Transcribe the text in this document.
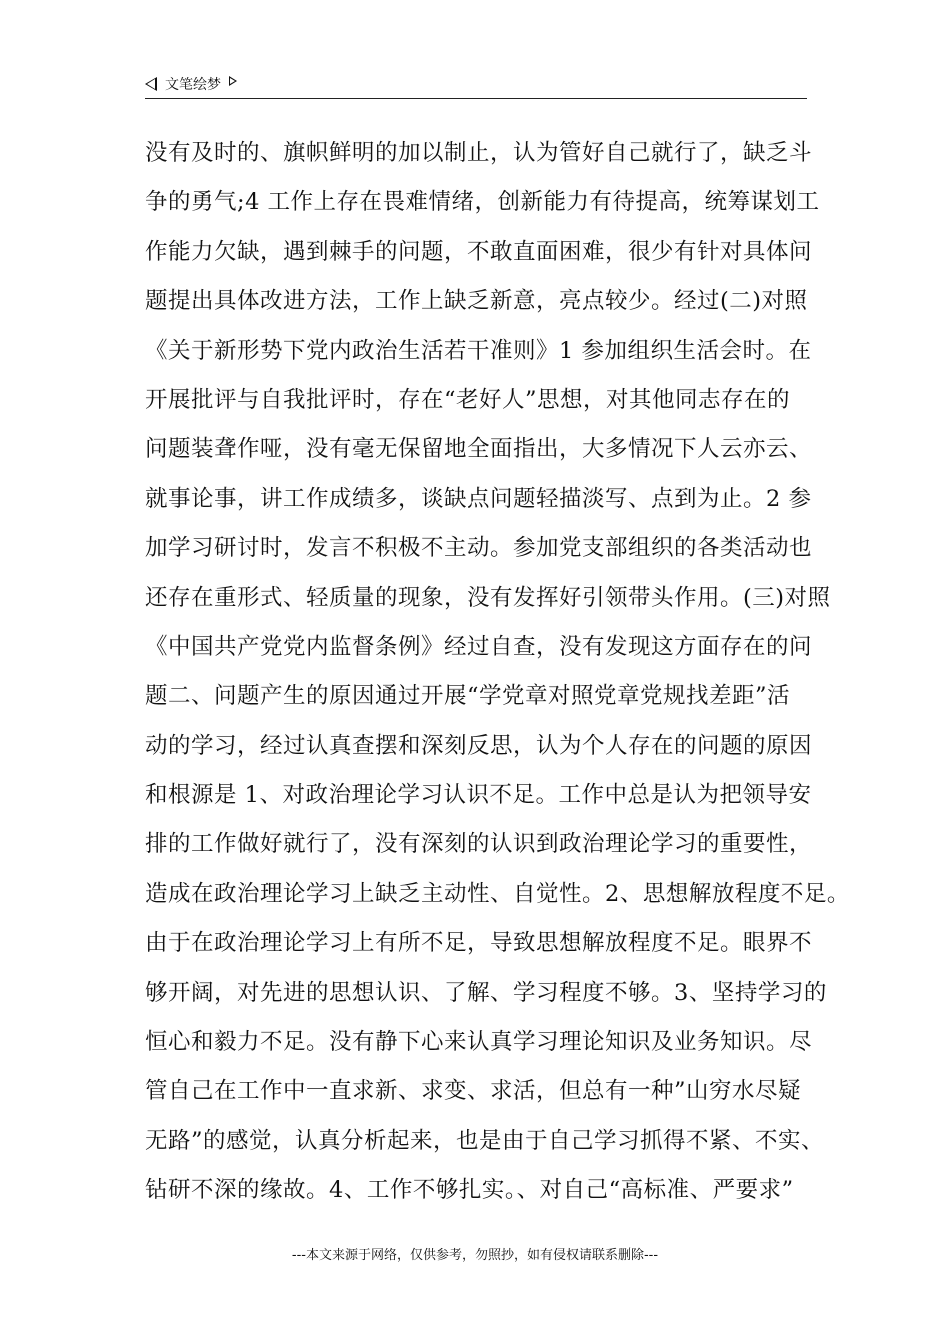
文笔绘梦
没有及时的、旗帜鲜明的加以制止，认为管好自己就行了，缺乏斗
争的勇气;4 工作上存在畏难情绪，创新能力有待提高，统筹谋划工
作能力欠缺，遇到棘手的问题，不敢直面困难，很少有针对具体问
题提出具体改进方法，工作上缺乏新意，亮点较少。经过(二)对照
《关于新形势下党内政治生活若干准则》1 参加组织生活会时。在
开展批评与自我批评时，存在“老好人”思想，对其他同志存在的
问题装聋作哑，没有毫无保留地全面指出，大多情况下人云亦云、
就事论事，讲工作成绩多，谈缺点问题轻描淡写、点到为止。2 参
加学习研讨时，发言不积极不主动。参加党支部组织的各类活动也
还存在重形式、轻质量的现象，没有发挥好引领带头作用。(三)对照
《中国共产党党内监督条例》经过自查，没有发现这方面存在的问
题二、问题产生的原因通过开展“学党章对照党章党规找差距”活
动的学习，经过认真查摆和深刻反思，认为个人存在的问题的原因
和根源是 1、对政治理论学习认识不足。工作中总是认为把领导安
排的工作做好就行了，没有深刻的认识到政治理论学习的重要性，
造成在政治理论学习上缺乏主动性、自觉性。2、思想解放程度不足。
由于在政治理论学习上有所不足，导致思想解放程度不足。眼界不
够开阔，对先进的思想认识、了解、学习程度不够。3、坚持学习的
恒心和毅力不足。没有静下心来认真学习理论知识及业务知识。尽
管自己在工作中一直求新、求变、求活，但总有一种”山穷水尽疑
无路”的感觉，认真分析起来，也是由于自己学习抓得不紧、不实、
钻研不深的缘故。4、工作不够扎实。、对自己“高标准、严要求”
---本文来源于网络，仅供参考，勿照抄，如有侵权请联系删除---
